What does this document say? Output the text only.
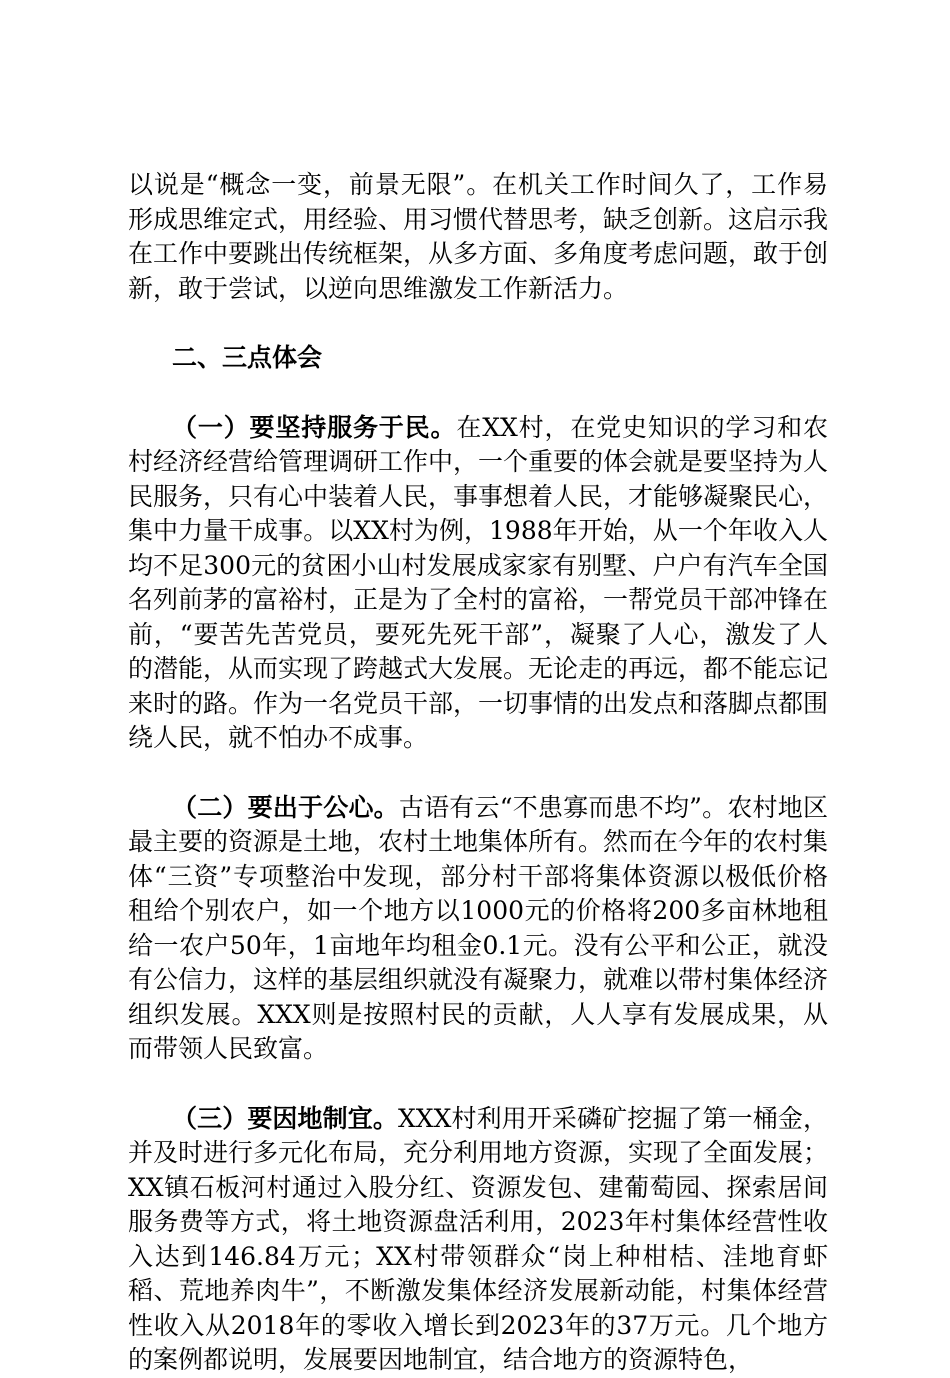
以说是“概念一变，前景无限”。在机关工作时间久了，工作易形成思维定式，用经验、用习惯代替思考，缺乏创新。这启示我在工作中要跳出传统框架，从多方面、多角度考虑问题，敢于创新，敢于尝试，以逆向思维激发工作新活力。

二、三点体会

（一）要坚持服务于民。在XX村，在党史知识的学习和农村经济经营给管理调研工作中，一个重要的体会就是要坚持为人民服务，只有心中装着人民，事事想着人民，才能够凝聚民心，集中力量干成事。以XX村为例，1988年开始，从一个年收入人均不足300元的贫困小山村发展成家家有别墅、户户有汽车全国名列前茅的富裕村，正是为了全村的富裕，一帮党员干部冲锋在前，“要苦先苦党员，要死先死干部”，凝聚了人心，激发了人的潜能，从而实现了跨越式大发展。无论走的再远，都不能忘记来时的路。作为一名党员干部，一切事情的出发点和落脚点都围绕人民，就不怕办不成事。

（二）要出于公心。古语有云“不患寡而患不均”。农村地区最主要的资源是土地，农村土地集体所有。然而在今年的农村集体“三资”专项整治中发现，部分村干部将集体资源以极低价格租给个别农户，如一个地方以1000元的价格将200多亩林地租给一农户50年，1亩地年均租金0.1元。没有公平和公正，就没有公信力，这样的基层组织就没有凝聚力，就难以带村集体经济组织发展。XXX则是按照村民的贡献，人人享有发展成果，从而带领人民致富。

（三）要因地制宜。XXX村利用开采磷矿挖掘了第一桶金，并及时进行多元化布局，充分利用地方资源，实现了全面发展；XX镇石板河村通过入股分红、资源发包、建葡萄园、探索居间服务费等方式，将土地资源盘活利用，2023年村集体经营性收入达到146.84万元；XX村带领群众“岗上种柑桔、洼地育虾稻、荒地养肉牛”，不断激发集体经济发展新动能，村集体经营性收入从2018年的零收入增长到2023年的37万元。几个地方的案例都说明，发展要因地制宜，结合地方的资源特色，
